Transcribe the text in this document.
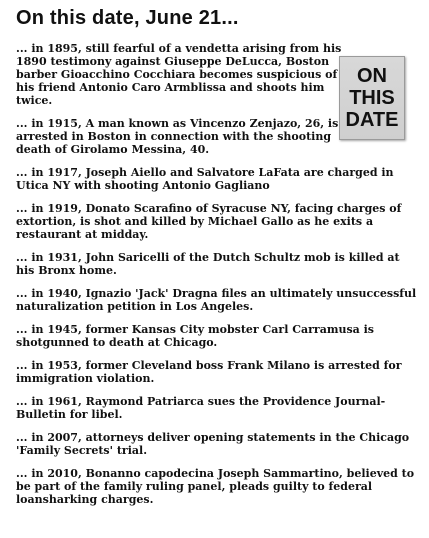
On this date, June 21...
ON
THIS
DATE
... in 1895, still fearful of a vendetta arising from his 1890 testimony against Giuseppe DeLucca, Boston barber Gioacchino Cocchiara becomes suspicious of his friend Antonio Caro Armblissa and shoots him twice.
... in 1915, A man known as Vincenzo Zenjazo, 26, is arrested in Boston in connection with the shooting death of Girolamo Messina, 40.
... in 1917, Joseph Aiello and Salvatore LaFata are charged in Utica NY with shooting Antonio Gagliano
... in 1919, Donato Scarafino of Syracuse NY, facing charges of extortion, is shot and killed by Michael Gallo as he exits a restaurant at midday.
... in 1931, John Saricelli of the Dutch Schultz mob is killed at his Bronx home.
... in 1940, Ignazio 'Jack' Dragna files an ultimately unsuccessful naturalization petition in Los Angeles.
... in 1945, former Kansas City mobster Carl Carramusa is shotgunned to death at Chicago.
... in 1953, former Cleveland boss Frank Milano is arrested for immigration violation.
... in 1961, Raymond Patriarca sues the Providence Journal-Bulletin for libel.
... in 2007, attorneys deliver opening statements in the Chicago 'Family Secrets' trial.
... in 2010, Bonanno capodecina Joseph Sammartino, believed to be part of the family ruling panel, pleads guilty to federal loansharking charges.
